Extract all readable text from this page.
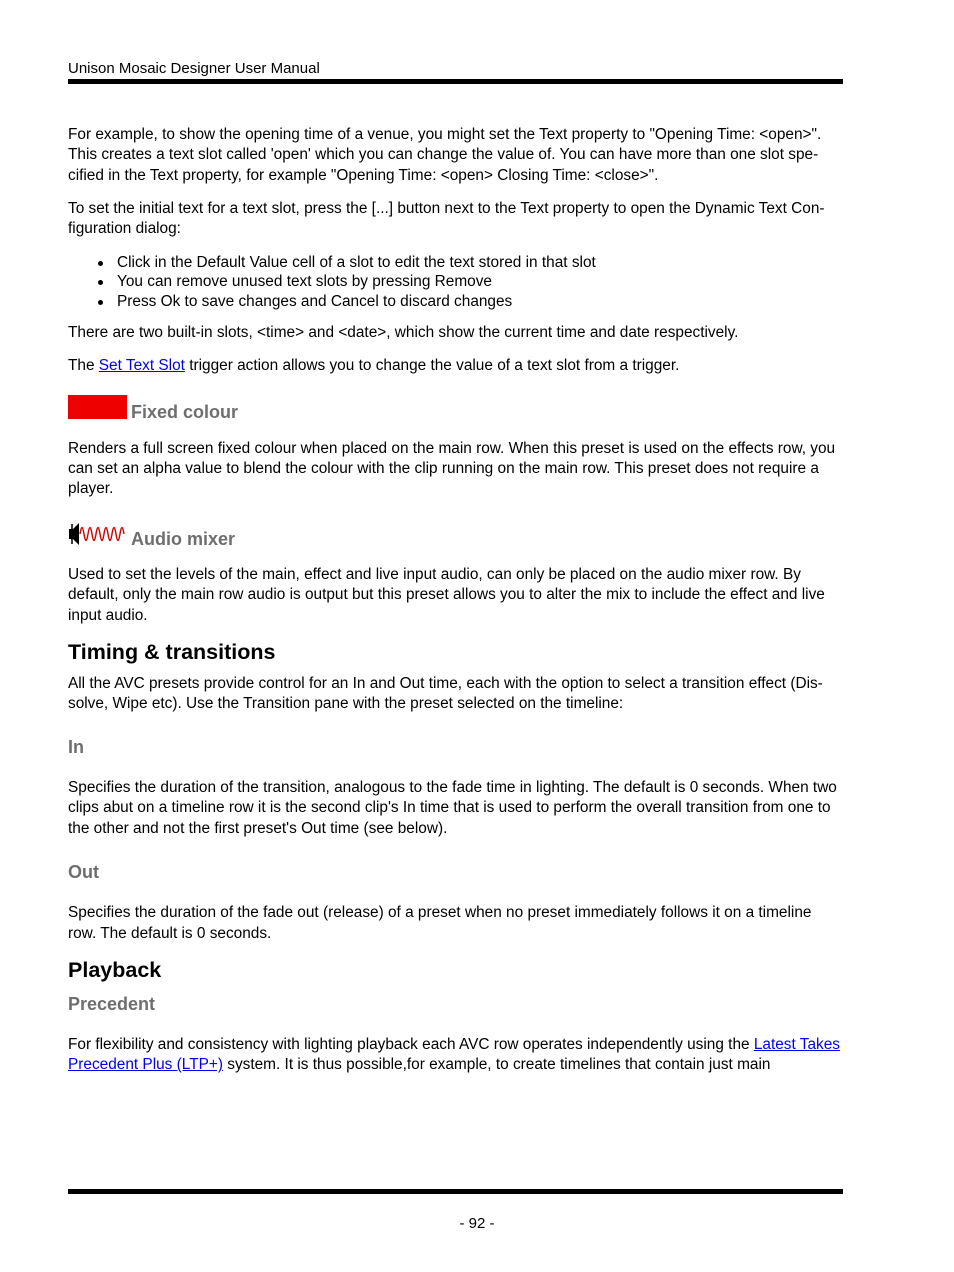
Unison Mosaic Designer User Manual

For example, to show the opening time of a venue, you might set the Text property to "Opening Time: <open>". This creates a text slot called 'open' which you can change the value of. You can have more than one slot spe-cified in the Text property, for example "Opening Time: <open> Closing Time: <close>".

To set the initial text for a text slot, press the [...] button next to the Text property to open the Dynamic Text Con-figuration dialog:

Click in the Default Value cell of a slot to edit the text stored in that slot
You can remove unused text slots by pressing Remove
Press Ok to save changes and Cancel to discard changes

There are two built-in slots, <time> and <date>, which show the current time and date respectively.

The Set Text Slot trigger action allows you to change the value of a text slot from a trigger.

Fixed colour

Renders a full screen fixed colour when placed on the main row. When this preset is used on the effects row, you can set an alpha value to blend the colour with the clip running on the main row. This preset does not require a player.

Audio mixer

Used to set the levels of the main, effect and live input audio, can only be placed on the audio mixer row. By default, only the main row audio is output but this preset allows you to alter the mix to include the effect and live input audio.

Timing & transitions

All the AVC presets provide control for an In and Out time, each with the option to select a transition effect (Dis-solve, Wipe etc). Use the Transition pane with the preset selected on the timeline:

In

Specifies the duration of the transition, analogous to the fade time in lighting. The default is 0 seconds. When two clips abut on a timeline row it is the second clip's In time that is used to perform the overall transition from one to the other and not the first preset's Out time (see below).

Out

Specifies the duration of the fade out (release) of a preset when no preset immediately follows it on a timeline row. The default is 0 seconds.

Playback
Precedent

For flexibility and consistency with lighting playback each AVC row operates independently using the Latest Takes Precedent Plus (LTP+) system. It is thus possible,for example, to create timelines that contain just main

- 92 -
